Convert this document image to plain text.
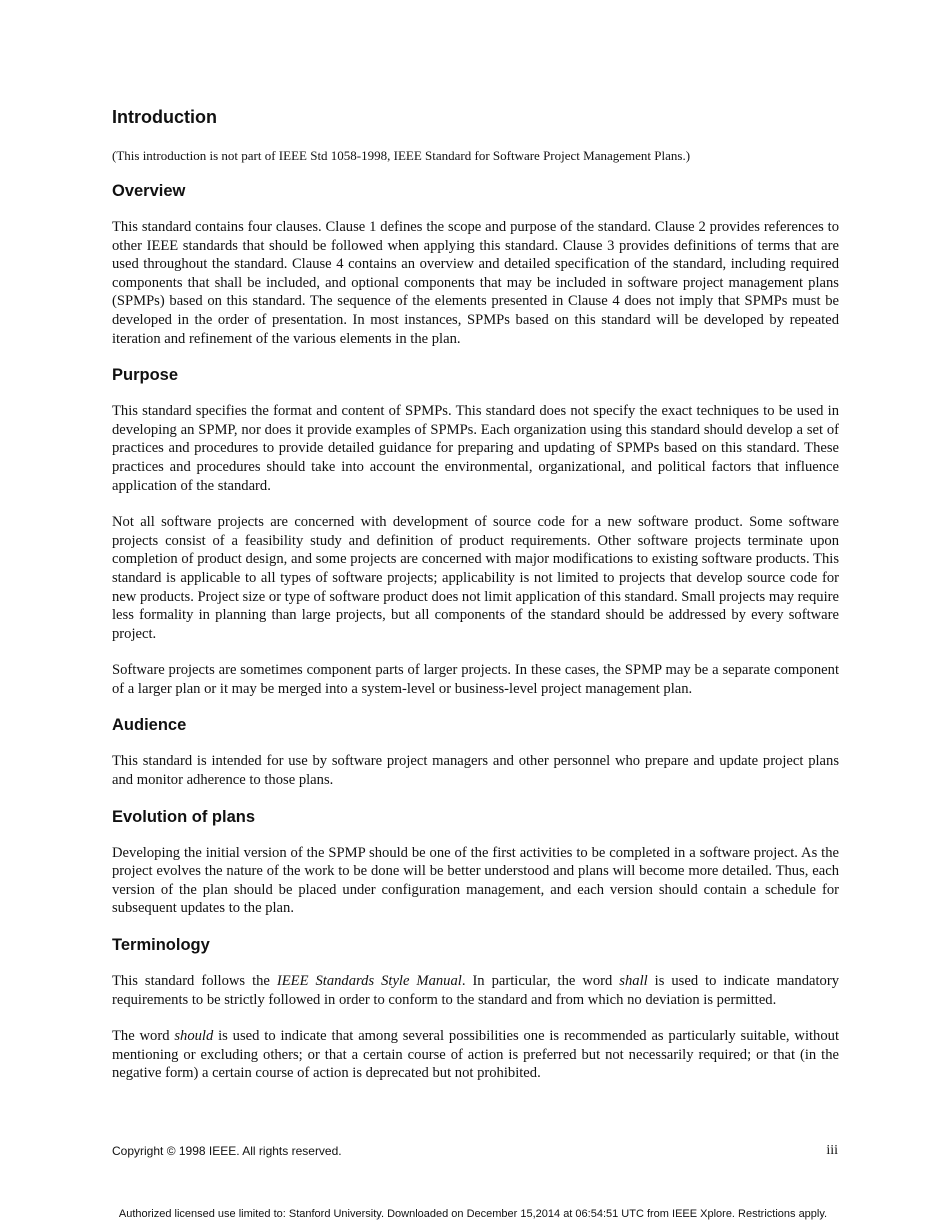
Introduction
(This introduction is not part of IEEE Std 1058-1998, IEEE Standard for Software Project Management Plans.)
Overview

This standard contains four clauses. Clause 1 defines the scope and purpose of the standard. Clause 2 provides references to other IEEE standards that should be followed when applying this standard. Clause 3 provides definitions of terms that are used throughout the standard. Clause 4 contains an overview and detailed specification of the standard, including required components that shall be included, and optional components that may be included in software project management plans (SPMPs) based on this standard. The sequence of the elements presented in Clause 4 does not imply that SPMPs must be developed in the order of presentation. In most instances, SPMPs based on this standard will be developed by repeated iteration and refinement of the various elements in the plan.

Purpose

This standard specifies the format and content of SPMPs. This standard does not specify the exact techniques to be used in developing an SPMP, nor does it provide examples of SPMPs. Each organization using this standard should develop a set of practices and procedures to provide detailed guidance for preparing and updating of SPMPs based on this standard. These practices and procedures should take into account the environmental, organizational, and political factors that influence application of the standard.

Not all software projects are concerned with development of source code for a new software product. Some software projects consist of a feasibility study and definition of product requirements. Other software projects terminate upon completion of product design, and some projects are concerned with major modifications to existing software products. This standard is applicable to all types of software projects; applicability is not limited to projects that develop source code for new products. Project size or type of software product does not limit application of this standard. Small projects may require less formality in planning than large projects, but all components of the standard should be addressed by every software project.

Software projects are sometimes component parts of larger projects. In these cases, the SPMP may be a separate component of a larger plan or it may be merged into a system-level or business-level project management plan.

Audience

This standard is intended for use by software project managers and other personnel who prepare and update project plans and monitor adherence to those plans.

Evolution of plans

Developing the initial version of the SPMP should be one of the first activities to be completed in a software project. As the project evolves the nature of the work to be done will be better understood and plans will become more detailed. Thus, each version of the plan should be placed under configuration management, and each version should contain a schedule for subsequent updates to the plan.

Terminology

This standard follows the IEEE Standards Style Manual. In particular, the word shall is used to indicate mandatory requirements to be strictly followed in order to conform to the standard and from which no deviation is permitted.

The word should is used to indicate that among several possibilities one is recommended as particularly suitable, without mentioning or excluding others; or that a certain course of action is preferred but not necessarily required; or that (in the negative form) a certain course of action is deprecated but not prohibited.

Copyright © 1998 IEEE. All rights reserved.	iii
Authorized licensed use limited to: Stanford University. Downloaded on December 15,2014 at 06:54:51 UTC from IEEE Xplore. Restrictions apply.
